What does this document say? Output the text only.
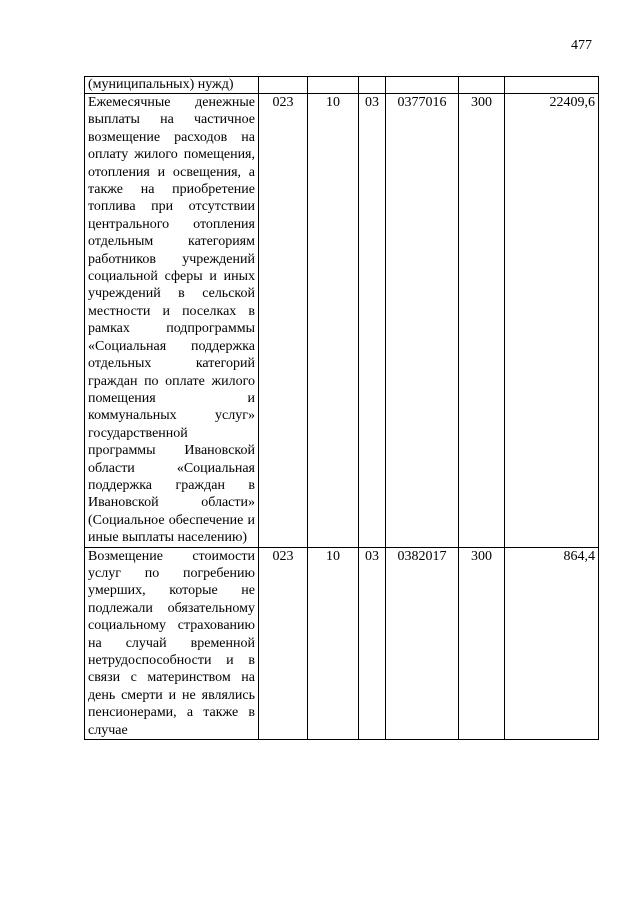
477
(муниципальных) нужд)						
Ежемесячные денежные выплаты на частичное возмещение расходов на оплату жилого помещения, отопления и освещения, а также на приобретение топлива при отсутствии центрального отопления отдельным категориям работников учреждений социальной сферы и иных учреждений в сельской местности и поселках в рамках подпрограммы «Социальная поддержка отдельных категорий граждан по оплате жилого помещения и коммунальных услуг» государственной программы Ивановской области «Социальная поддержка граждан в Ивановской области» (Социальное обеспечение и иные выплаты населению)	023	10	03	0377016	300	22409,6
Возмещение стоимости услуг по погребению умерших, которые не подлежали обязательному социальному страхованию на случай временной нетрудоспособности и в связи с материнством на день смерти и не являлись пенсионерами, а также в случае	023	10	03	0382017	300	864,4
